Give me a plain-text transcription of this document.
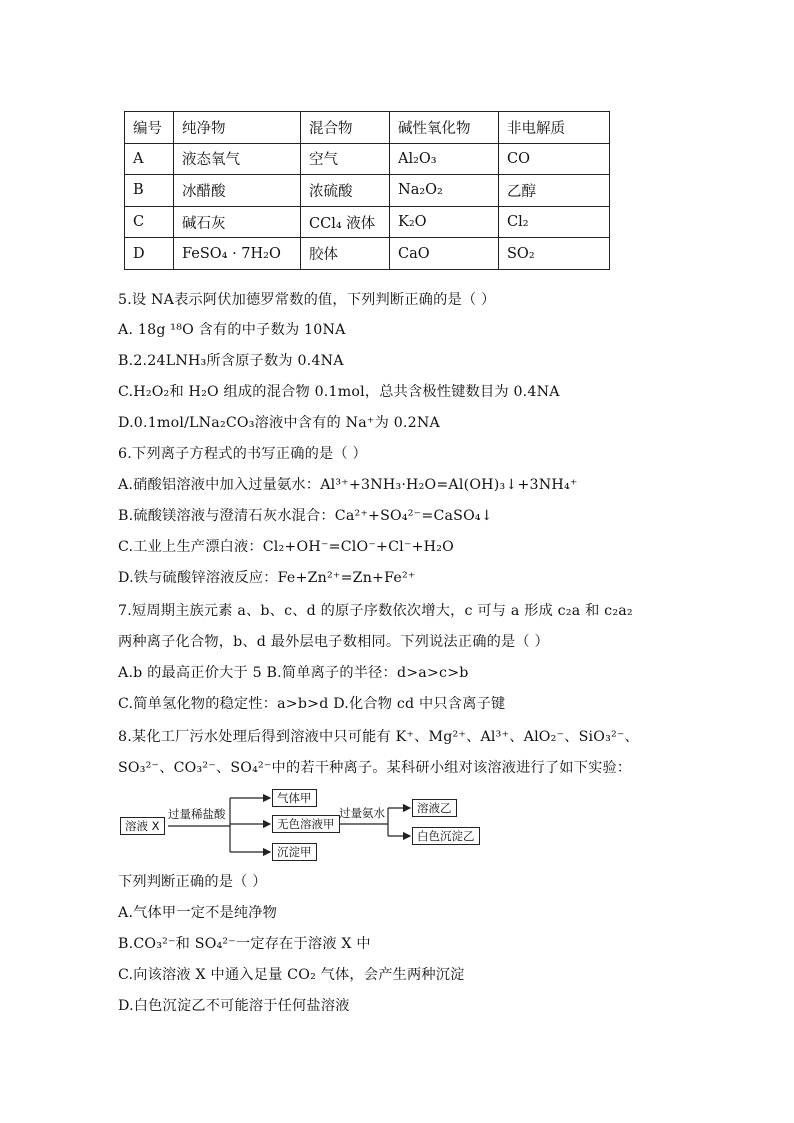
编号	纯净物	混合物	碱性氧化物	非电解质
A	液态氧气	空气	Al₂O₃	CO
B	冰醋酸	浓硫酸	Na₂O₂	乙醇
C	碱石灰	CCl₄ 液体	K₂O	Cl₂
D	FeSO₄ · 7H₂O	胶体	CaO	SO₂
5.设 NA表示阿伏加德罗常数的值，下列判断正确的是（ ）
A. 18g ¹⁸O 含有的中子数为 10NA
B.2.24LNH₃所含原子数为 0.4NA
C.H₂O₂和 H₂O 组成的混合物 0.1mol，总共含极性键数目为 0.4NA
D.0.1mol/LNa₂CO₃溶液中含有的 Na⁺为 0.2NA
6.下列离子方程式的书写正确的是（ ）
A.硝酸铝溶液中加入过量氨水：Al³⁺+3NH₃·H₂O=Al(OH)₃↓+3NH₄⁺
B.硫酸镁溶液与澄清石灰水混合：Ca²⁺+SO₄²⁻=CaSO₄↓
C.工业上生产漂白液：Cl₂+OH⁻=ClO⁻+Cl⁻+H₂O
D.铁与硫酸锌溶液反应：Fe+Zn²⁺=Zn+Fe²⁺
7.短周期主族元素 a、b、c、d 的原子序数依次增大，c 可与 a 形成 c₂a 和 c₂a₂
两种离子化合物，b、d 最外层电子数相同。下列说法正确的是（ ）
A.b 的最高正价大于 5 B.简单离子的半径：d>a>c>b
C.简单氢化物的稳定性：a>b>d D.化合物 cd 中只含离子键
8.某化工厂污水处理后得到溶液中只可能有 K⁺、Mg²⁺、Al³⁺、AlO₂⁻、SiO₃²⁻、
SO₃²⁻、CO₃²⁻、SO₄²⁻中的若干种离子。某科研小组对该溶液进行了如下实验：
溶液 X
过量稀盐酸
气体甲
无色溶液甲
沉淀甲
过量氨水	溶液乙
白色沉淀乙
下列判断正确的是（ ）
A.气体甲一定不是纯净物
B.CO₃²⁻和 SO₄²⁻一定存在于溶液 X 中
C.向该溶液 X 中通入足量 CO₂ 气体，会产生两种沉淀
D.白色沉淀乙不可能溶于任何盐溶液
